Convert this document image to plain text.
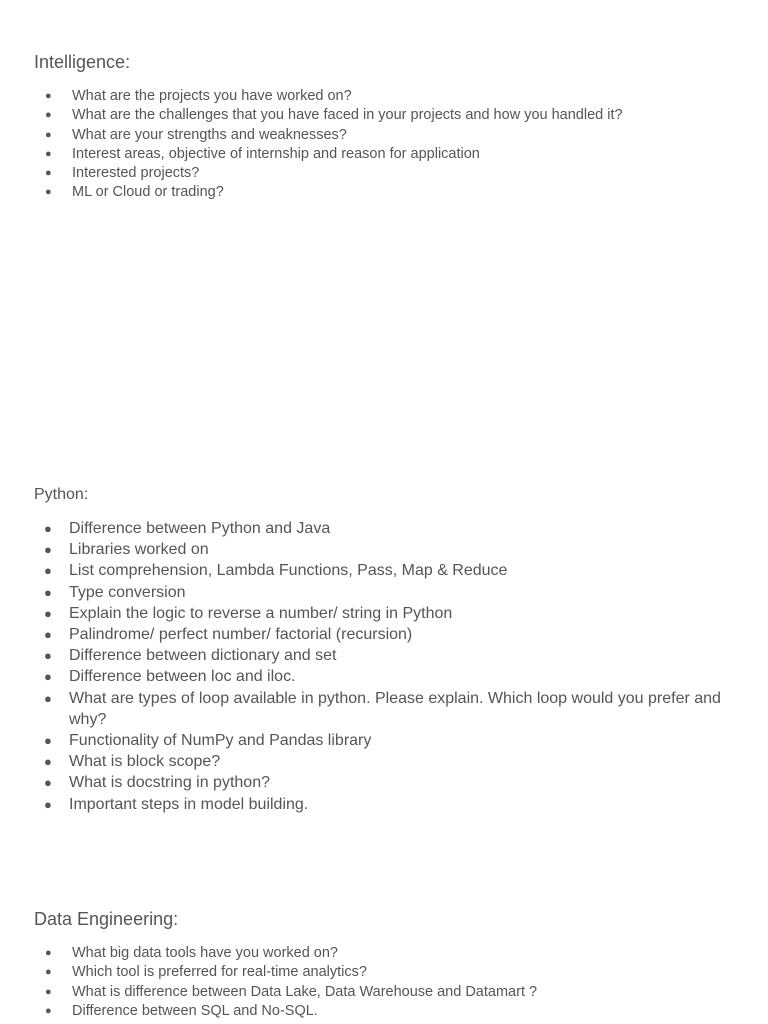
Intelligence:
● What are the projects you have worked on?
● What are the challenges that you have faced in your projects and how you handled it?
● What are your strengths and weaknesses?
● Interest areas, objective of internship and reason for application
● Interested projects?
● ML or Cloud or trading?
Python:
● Difference between Python and Java
● Libraries worked on
● List comprehension, Lambda Functions, Pass, Map & Reduce
● Type conversion
● Explain the logic to reverse a number/ string in Python
● Palindrome/ perfect number/ factorial (recursion)
● Difference between dictionary and set
● Difference between loc and iloc.
● What are types of loop available in python. Please explain. Which loop would you prefer and why?
● Functionality of NumPy and Pandas library
● What is block scope?
● What is docstring in python?
● Important steps in model building.
Data Engineering:
● What big data tools have you worked on?
● Which tool is preferred for real-time analytics?
● What is difference between Data Lake, Data Warehouse and Datamart ?
● Difference between SQL and No-SQL.
